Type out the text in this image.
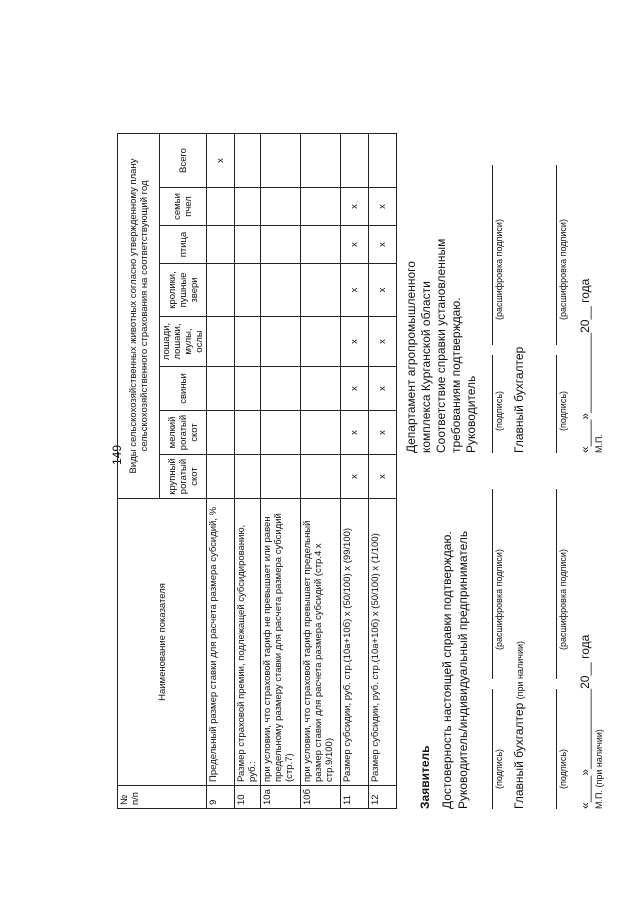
149
№ п/п	Наименование показателя	Виды сельскохозяйственных животных согласно утвержденному плану сельскохозяйственного страхования на соответствующий год							
		крупный рогатый скот	мелкий рогатый скот	свиньи	лошади, лошаки, мулы, ослы	кролики, пушные звери	птица	семьи пчел	Всего
9	Предельный размер ставки для расчета размера субсидий, %								x
10	Размер страховой премии, подлежащей субсидированию, руб.:								
10а	при условии, что страховой тариф не превышает или равен предельному размеру ставки для расчета размера субсидий (стр.7)								
10б	при условии, что страховой тариф превышает предельный размер ставки для расчета размера субсидий (стр.4 х стр.9/100)								
11	Размер субсидии, руб. стр.(10а+10б) х (50/100) х (99/100)	x	x	x	x	x	x	x	
12	Размер субсидии, руб. стр.(10а+10б) х (50/100) х (1/100)	x	x	x	x	x	x	x	
Заявитель Достоверность настоящей справки подтверждаю. Руководитель/индивидуальный предприниматель	(подпись)
(расшифровка подписи)
Главный бухгалтер (при наличии)
(подпись)
(расшифровка подписи)
«____»____________20__ года М.П. (при наличии)
Департамент агропромышленного комплекса Курганской области Соответствие справки установленным требованиям подтверждаю. Руководитель (подпись)
(расшифровка подписи)
Главный бухгалтер	(подпись)
(расшифровка подписи)
«____»____________20__ года М.П.
